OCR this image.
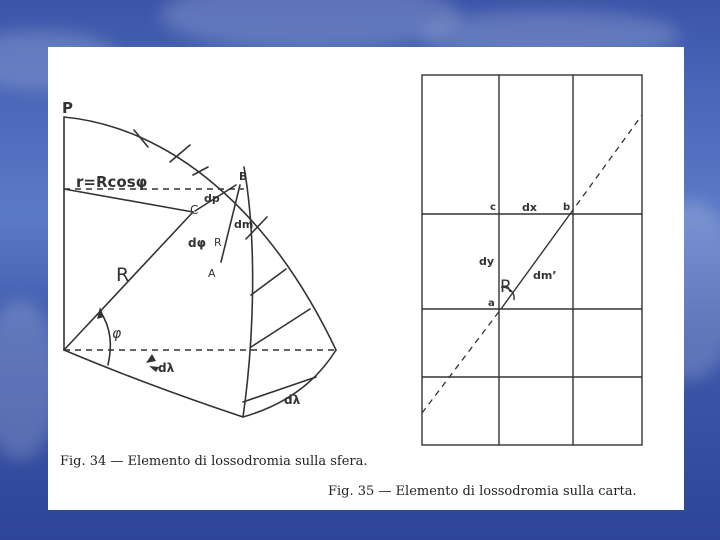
P
r=Rcosφ	B
dp
C
dm
R
dφ
A
R
φ
dλ
dλ
Fig. 34 — Elemento di lossodromia sulla sfera.
c dx	b
dy
R
dm’
a
Fig. 35 — Elemento di lossodromia sulla carta.
